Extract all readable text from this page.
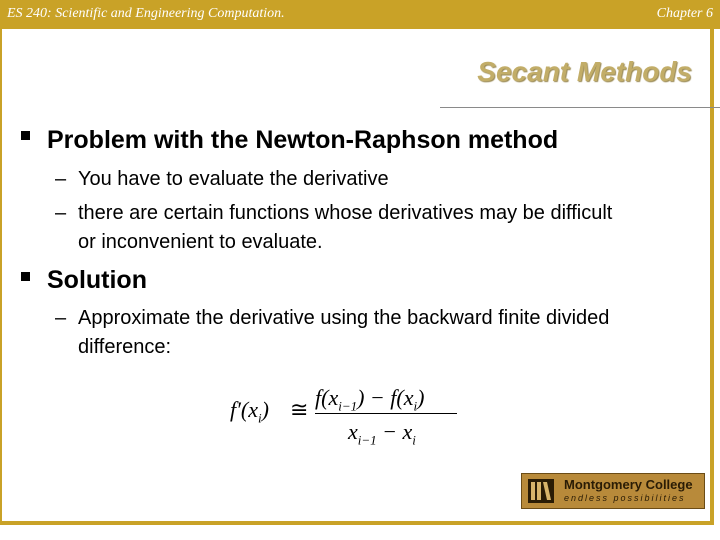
ES 240: Scientific and Engineering Computation.	Chapter 6
Secant Methods
Problem with the Newton-Raphson method
– You have to evaluate the derivative
– there are certain functions whose derivatives may be difficult
or inconvenient to evaluate.
Solution
– Approximate the derivative using the backward finite divided
difference:
$f'(x_i)$ ≅ $f(x_{i-1}) - f(x_i)$
$x_{i-1} - x_i$
Montgomery College
endless possibilities
